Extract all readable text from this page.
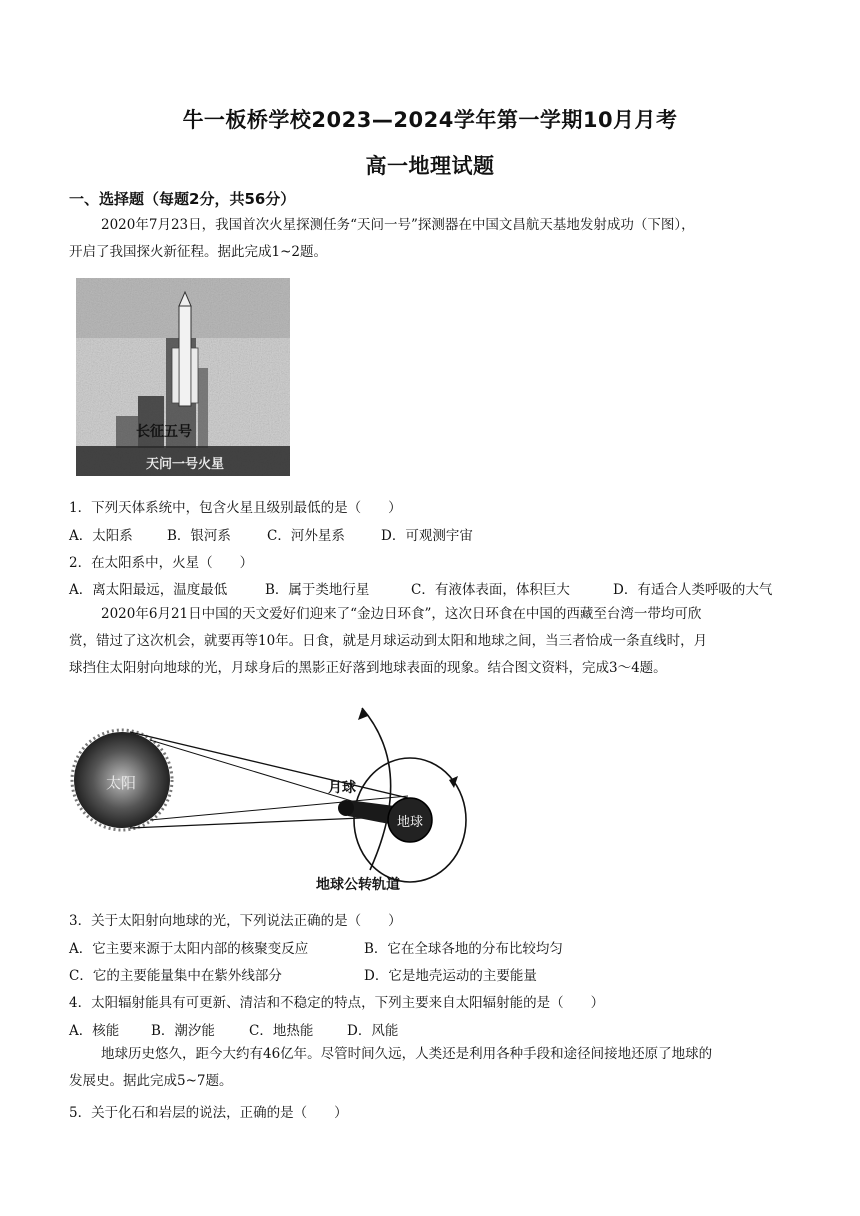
牛一板桥学校2023—2024学年第一学期10月月考
高一地理试题
一、选择题（每题2分，共56分）
2020年7月23日，我国首次火星探测任务“天问一号”探测器在中国文昌航天基地发射成功（下图），
开启了我国探火新征程。据此完成1~2题。
长征五号
天问一号火星
1．下列天体系统中，包含火星且级别最低的是（　　）
A．太阳系	B．银河系	C．河外星系	D．可观测宇宙
2．在太阳系中，火星（　　）
A．离太阳最远，温度最低	B．属于类地行星	C．有液体表面，体积巨大	D．有适合人类呼吸的大气
2020年6月21日中国的天文爱好们迎来了“金边日环食”，这次日环食在中国的西藏至台湾一带均可欣
赏，错过了这次机会，就要再等10年。日食，就是月球运动到太阳和地球之间，当三者恰成一条直线时，月
球挡住太阳射向地球的光，月球身后的黑影正好落到地球表面的现象。结合图文资料，完成3～4题。
太阳	月球
地球
地球公转轨道
3．关于太阳射向地球的光，下列说法正确的是（　　）
A．它主要来源于太阳内部的核聚变反应	B．它在全球各地的分布比较均匀
C．它的主要能量集中在紫外线部分	D．它是地壳运动的主要能量
4．太阳辐射能具有可更新、清洁和不稳定的特点，下列主要来自太阳辐射能的是（　　）
A．核能 B．潮汐能	C．地热能 D．风能
地球历史悠久，距今大约有46亿年。尽管时间久远，人类还是利用各种手段和途径间接地还原了地球的
发展史。据此完成5~7题。
5．关于化石和岩层的说法，正确的是（　　）
